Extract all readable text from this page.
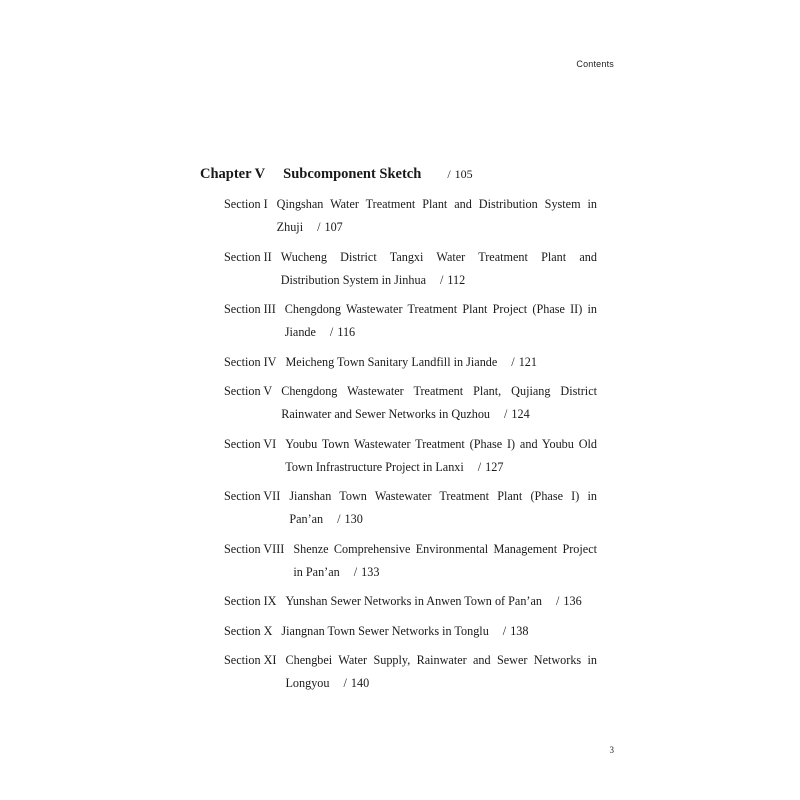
Contents
Chapter V Subcomponent Sketch / 105
Section I Qingshan Water Treatment Plant and Distribution System in Zhuji / 107
Section II Wucheng District Tangxi Water Treatment Plant and Distribution System in Jinhua / 112
Section III Chengdong Wastewater Treatment Plant Project (Phase II) in Jiande / 116
Section IV Meicheng Town Sanitary Landfill in Jiande / 121
Section V Chengdong Wastewater Treatment Plant, Qujiang District Rainwater and Sewer Networks in Quzhou / 124
Section VI Youbu Town Wastewater Treatment (Phase I) and Youbu Old Town Infrastructure Project in Lanxi / 127
Section VII Jianshan Town Wastewater Treatment Plant (Phase I) in Pan’an / 130
Section VIII Shenze Comprehensive Environmental Management Project in Pan’an / 133
Section IX Yunshan Sewer Networks in Anwen Town of Pan’an / 136
Section X Jiangnan Town Sewer Networks in Tonglu / 138
Section XI Chengbei Water Supply, Rainwater and Sewer Networks in Longyou / 140
3
